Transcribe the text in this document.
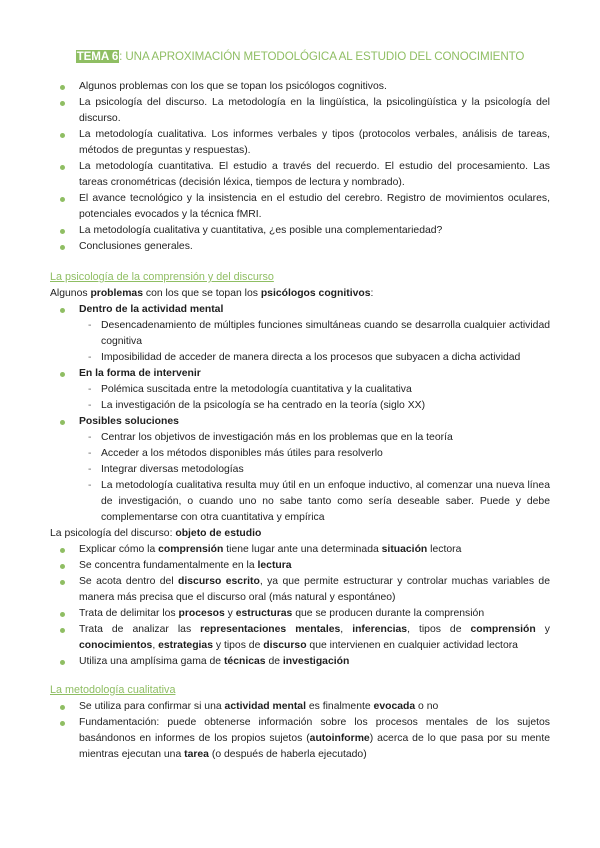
TEMA 6: UNA APROXIMACIÓN METODOLÓGICA AL ESTUDIO DEL CONOCIMIENTO
Algunos problemas con los que se topan los psicólogos cognitivos.
La psicología del discurso. La metodología en la lingüística, la psicolingüística y la psicología del discurso.
La metodología cualitativa. Los informes verbales y tipos (protocolos verbales, análisis de tareas, métodos de preguntas y respuestas).
La metodología cuantitativa. El estudio a través del recuerdo. El estudio del procesamiento. Las tareas cronométricas (decisión léxica, tiempos de lectura y nombrado).
El avance tecnológico y la insistencia en el estudio del cerebro. Registro de movimientos oculares, potenciales evocados y la técnica fMRI.
La metodología cualitativa y cuantitativa, ¿es posible una complementariedad?
Conclusiones generales.
La psicología de la comprensión y del discurso
Algunos problemas con los que se topan los psicólogos cognitivos:
Dentro de la actividad mental
- Desencadenamiento de múltiples funciones simultáneas cuando se desarrolla cualquier actividad cognitiva
- Imposibilidad de acceder de manera directa a los procesos que subyacen a dicha actividad
En la forma de intervenir
- Polémica suscitada entre la metodología cuantitativa y la cualitativa
- La investigación de la psicología se ha centrado en la teoría (siglo XX)
Posibles soluciones
- Centrar los objetivos de investigación más en los problemas que en la teoría
- Acceder a los métodos disponibles más útiles para resolverlo
- Integrar diversas metodologías
- La metodología cualitativa resulta muy útil en un enfoque inductivo, al comenzar una nueva línea de investigación, o cuando uno no sabe tanto como sería deseable saber. Puede y debe complementarse con otra cuantitativa y empírica
La psicología del discurso: objeto de estudio
Explicar cómo la comprensión tiene lugar ante una determinada situación lectora
Se concentra fundamentalmente en la lectura
Se acota dentro del discurso escrito, ya que permite estructurar y controlar muchas variables de manera más precisa que el discurso oral (más natural y espontáneo)
Trata de delimitar los procesos y estructuras que se producen durante la comprensión
Trata de analizar las representaciones mentales, inferencias, tipos de comprensión y conocimientos, estrategias y tipos de discurso que intervienen en cualquier actividad lectora
Utiliza una amplísima gama de técnicas de investigación
La metodología cualitativa
Se utiliza para confirmar si una actividad mental es finalmente evocada o no
Fundamentación: puede obtenerse información sobre los procesos mentales de los sujetos basándonos en informes de los propios sujetos (autoinforme) acerca de lo que pasa por su mente mientras ejecutan una tarea (o después de haberla ejecutado)
